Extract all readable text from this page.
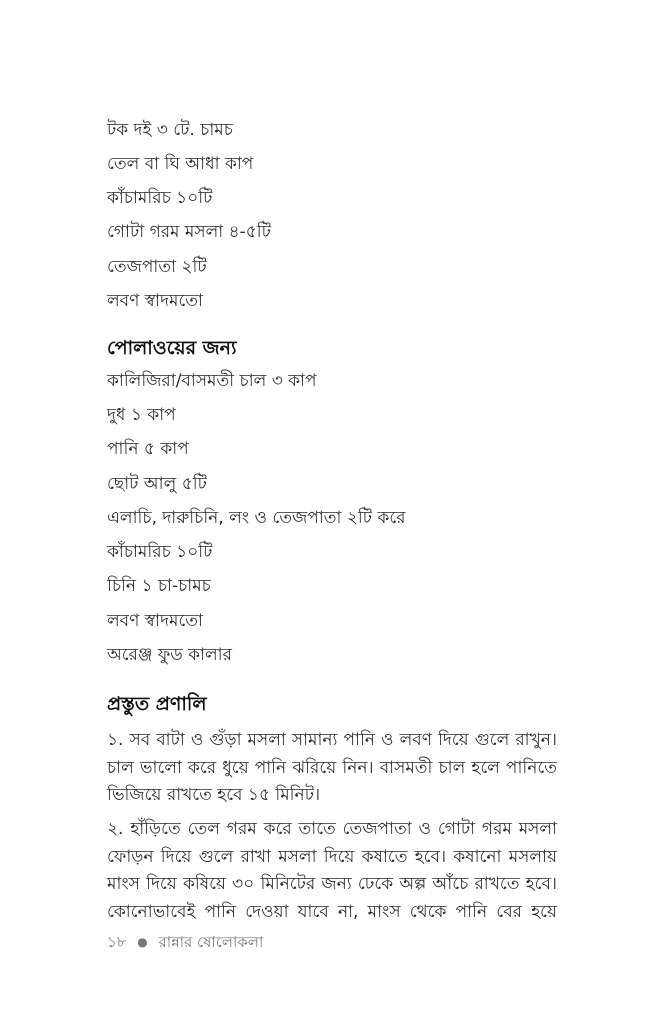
টক দই ৩ টে. চামচ
তেল বা ঘি আধা কাপ
কাঁচামরিচ ১০টি
গোটা গরম মসলা ৪-৫টি
তেজপাতা ২টি
লবণ স্বাদমতো
পোলাওয়ের জন্য
কালিজিরা/বাসমতী চাল ৩ কাপ
দুধ ১ কাপ
পানি ৫ কাপ
ছোট আলু ৫টি
এলাচি, দারুচিনি, লং ও তেজপাতা ২টি করে
কাঁচামরিচ ১০টি
চিনি ১ চা-চামচ
লবণ স্বাদমতো
অরেঞ্জ ফুড কালার
প্রস্তুত প্রণালি
১. সব বাটা ও গুঁড়া মসলা সামান্য পানি ও লবণ দিয়ে গুলে রাখুন।
চাল ভালো করে ধুয়ে পানি ঝরিয়ে নিন। বাসমতী চাল হলে পানিতে
ভিজিয়ে রাখতে হবে ১৫ মিনিট।
২. হাঁড়িতে তেল গরম করে তাতে তেজপাতা ও গোটা গরম মসলা
ফোড়ন দিয়ে গুলে রাখা মসলা দিয়ে কষাতে হবে। কষানো মসলায়
মাংস দিয়ে কষিয়ে ৩০ মিনিটের জন্য ঢেকে অল্প আঁচে রাখতে হবে।
কোনোভাবেই পানি দেওয়া যাবে না, মাংস থেকে পানি বের হয়ে
১৮ ● রান্নার ষোলোকলা
